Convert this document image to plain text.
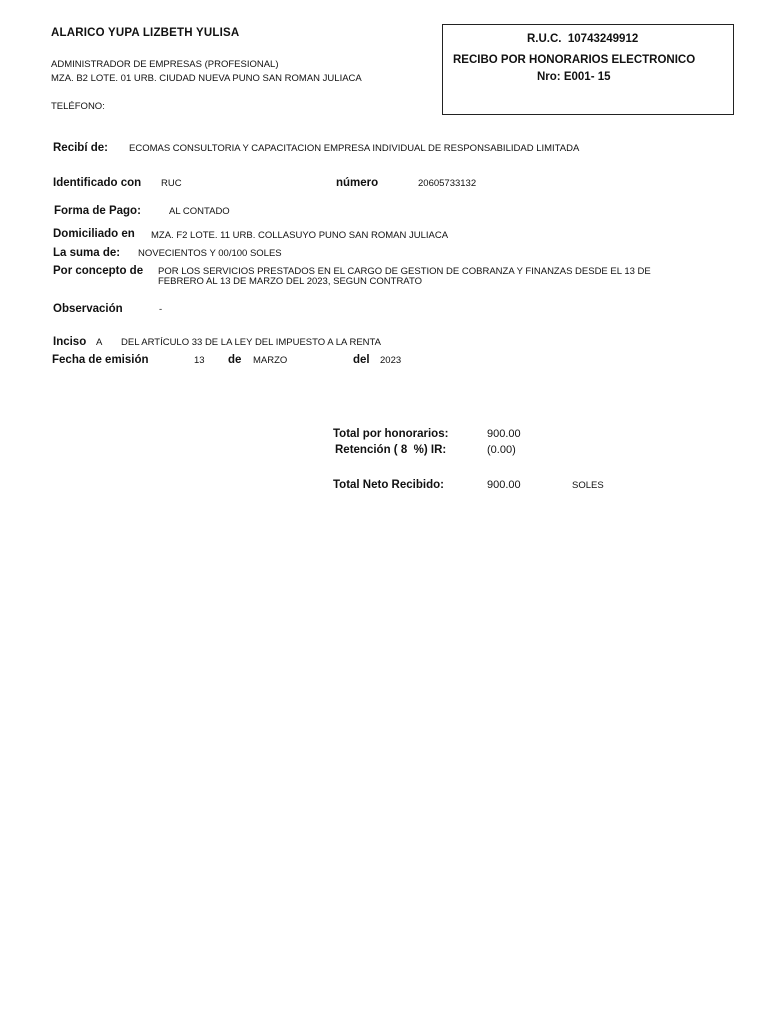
ALARICO YUPA LIZBETH YULISA
ADMINISTRADOR DE EMPRESAS (PROFESIONAL)
MZA. B2 LOTE. 01 URB. CIUDAD NUEVA PUNO SAN ROMAN JULIACA
TELÉFONO:
R.U.C. 10743249912
RECIBO POR HONORARIOS ELECTRONICO
Nro: E001- 15
Recibí de: ECOMAS CONSULTORIA Y CAPACITACION EMPRESA INDIVIDUAL DE RESPONSABILIDAD LIMITADA
Identificado con RUC	número	20605733132
Forma de Pago:	AL CONTADO
Domiciliado en MZA. F2 LOTE. 11 URB. COLLASUYO PUNO SAN ROMAN JULIACA
La suma de: NOVECIENTOS Y 00/100 SOLES
Por concepto de POR LOS SERVICIOS PRESTADOS EN EL CARGO DE GESTION DE COBRANZA Y FINANZAS DESDE EL 13 DE
FEBRERO AL 13 DE MARZO DEL 2023, SEGUN CONTRATO
Observación	-
Inciso A DEL ARTÍCULO 33 DE LA LEY DEL IMPUESTO A LA RENTA
Fecha de emisión	13 de MARZO	del 2023
Total por honorarios:	900.00
Retención ( 8 %) IR:	(0.00)
Total Neto Recibido:	900.00	SOLES
